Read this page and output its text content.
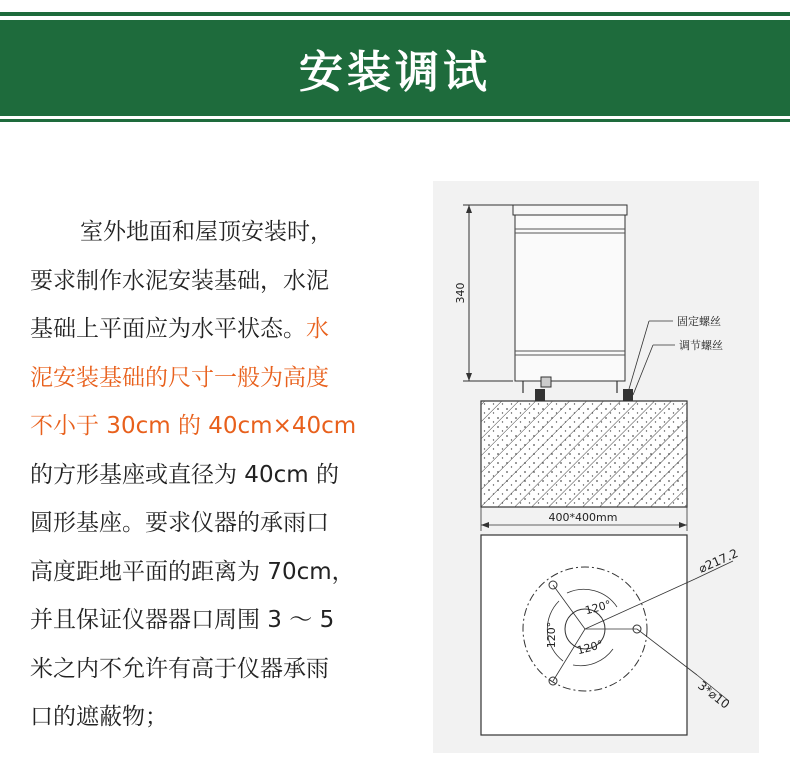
安装调试
室外地面和屋顶安装时，
要求制作水泥安装基础，水泥
基础上平面应为水平状态。水
泥安装基础的尺寸一般为高度
不小于 30cm 的 40cm×40cm
的方形基座或直径为 40cm 的
圆形基座。要求仪器的承雨口
高度距地平面的距离为 70cm，
并且保证仪器器口周围 3 ～ 5
米之内不允许有高于仪器承雨
口的遮蔽物；
340
固定螺丝
调节螺丝
400*400mm
120°
120° 120°
⌀217.2
3*⌀10
